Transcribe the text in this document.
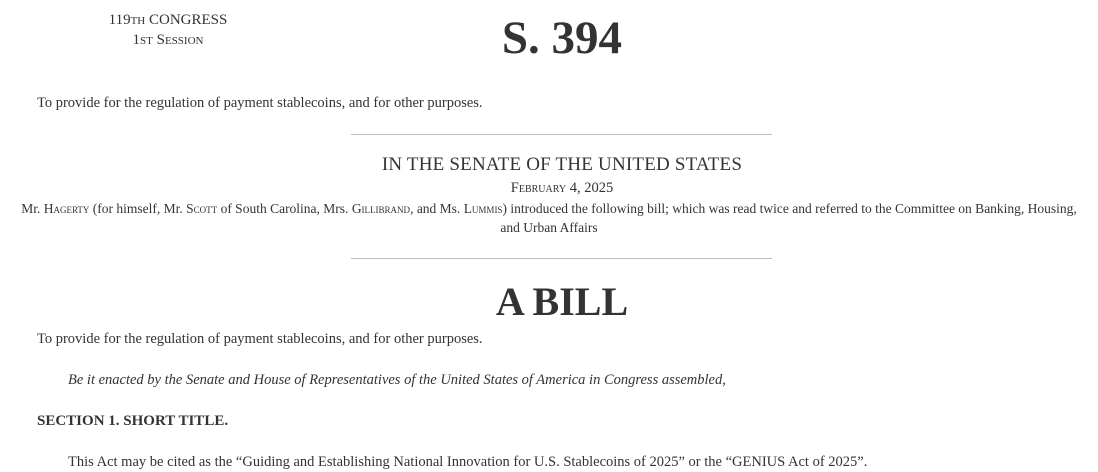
119th CONGRESS
1st Session	S. 394
To provide for the regulation of payment stablecoins, and for other purposes.
IN THE SENATE OF THE UNITED STATES
February 4, 2025
Mr. Hagerty (for himself, Mr. Scott of South Carolina, Mrs. Gillibrand, and Ms. Lummis) introduced the following bill; which was read twice and referred to the Committee on Banking, Housing, and Urban Affairs
A BILL
To provide for the regulation of payment stablecoins, and for other purposes.
Be it enacted by the Senate and House of Representatives of the United States of America in Congress assembled,
SECTION 1. SHORT TITLE.
This Act may be cited as the “Guiding and Establishing National Innovation for U.S. Stablecoins of 2025” or the “GENIUS Act of 2025”.
